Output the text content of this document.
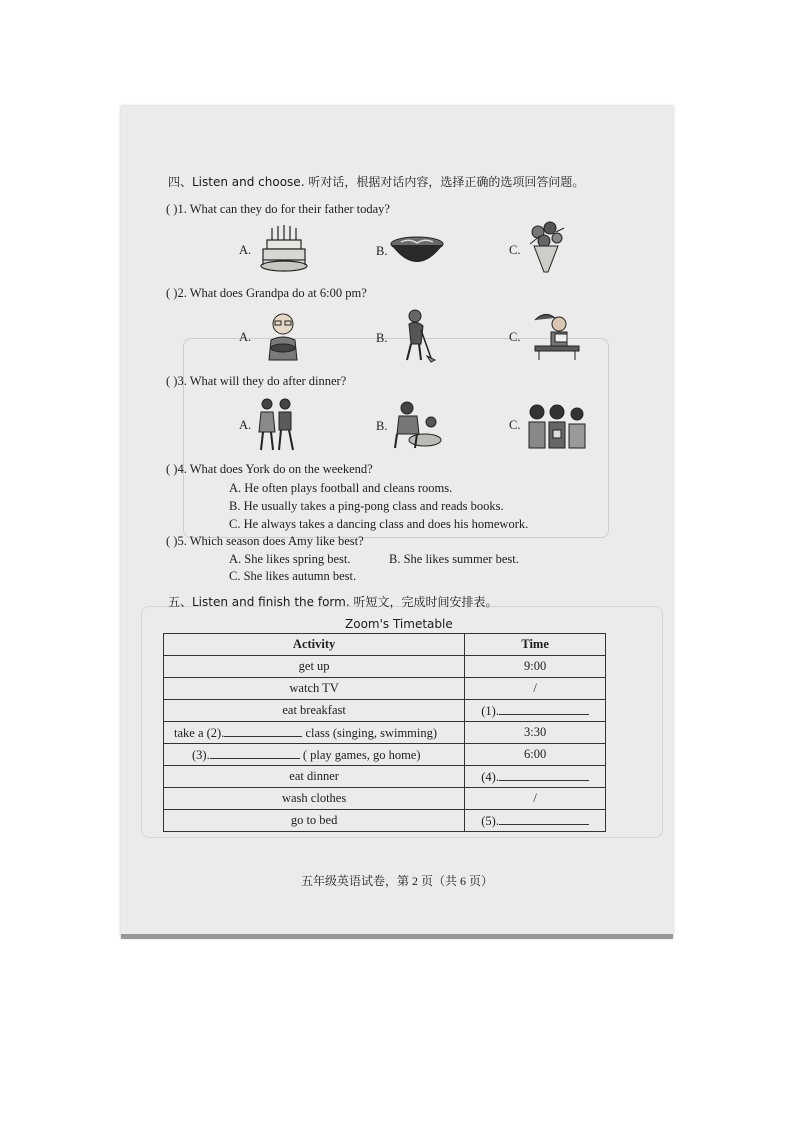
四、Listen and choose. 听对话，根据对话内容，选择正确的选项回答问题。
( )1. What can they do for their father today?
A.	B.	C.
( )2. What does Grandpa do at 6:00 pm?
A.	B.	C.
( )3. What will they do after dinner?
A.	B.	C.
( )4. What does York do on the weekend?
A. He often plays football and cleans rooms.
B. He usually takes a ping-pong class and reads books.
C. He always takes a dancing class and does his homework.
( )5. Which season does Amy like best?
A. She likes spring best.	B. She likes summer best.
C. She likes autumn best.
五、Listen and finish the form. 听短文，完成时间安排表。
Zoom's Timetable
Activity	Time
get up	9:00
watch TV	/
eat breakfast	(1).
take a (2). class (singing, swimming)	3:30
(3). ( play games, go home)	6:00
eat dinner	(4).
wash clothes	/
go to bed	(5).
五年级英语试卷，第 2 页（共 6 页）
